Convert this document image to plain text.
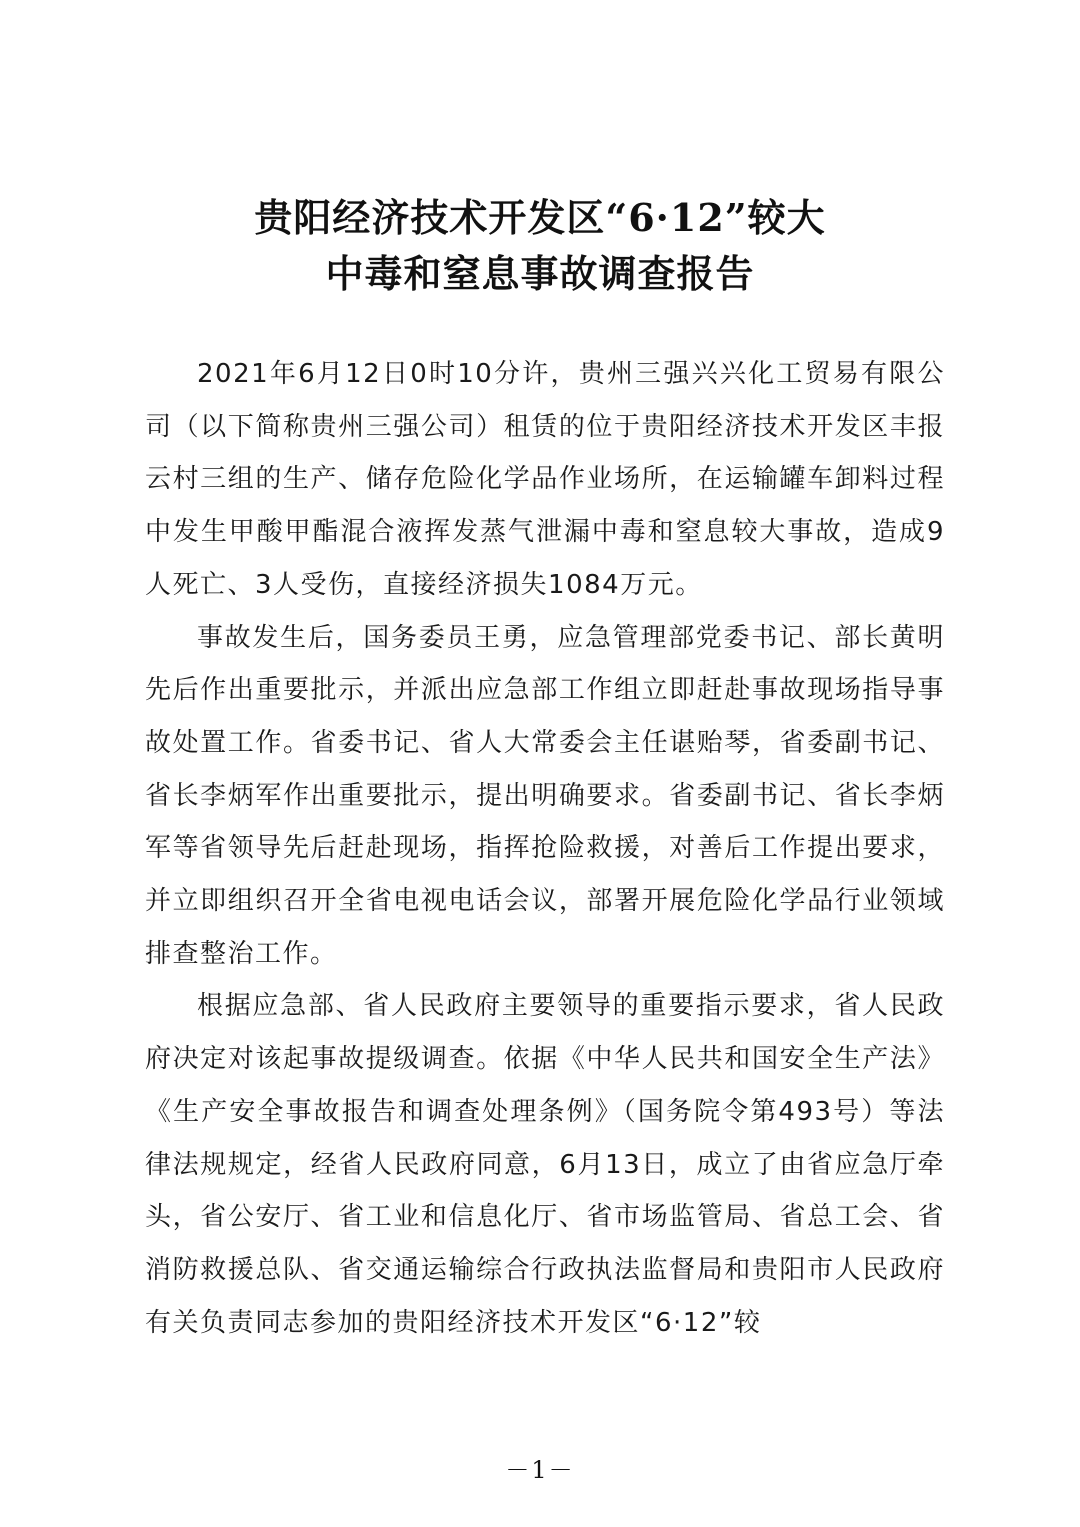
贵阳经济技术开发区“6·12”较大
中毒和窒息事故调查报告

2021年6月12日0时10分许，贵州三强兴兴化工贸易有限公司（以下简称贵州三强公司）租赁的位于贵阳经济技术开发区丰报云村三组的生产、储存危险化学品作业场所，在运输罐车卸料过程中发生甲酸甲酯混合液挥发蒸气泄漏中毒和窒息较大事故，造成9人死亡、3人受伤，直接经济损失1084万元。

事故发生后，国务委员王勇，应急管理部党委书记、部长黄明先后作出重要批示，并派出应急部工作组立即赶赴事故现场指导事故处置工作。省委书记、省人大常委会主任谌贻琴，省委副书记、省长李炳军作出重要批示，提出明确要求。省委副书记、省长李炳军等省领导先后赶赴现场，指挥抢险救援，对善后工作提出要求，并立即组织召开全省电视电话会议，部署开展危险化学品行业领域排查整治工作。

根据应急部、省人民政府主要领导的重要指示要求，省人民政府决定对该起事故提级调查。依据《中华人民共和国安全生产法》《生产安全事故报告和调查处理条例》（国务院令第493号）等法律法规规定，经省人民政府同意，6月13日，成立了由省应急厅牵头，省公安厅、省工业和信息化厅、省市场监管局、省总工会、省消防救援总队、省交通运输综合行政执法监督局和贵阳市人民政府有关负责同志参加的贵阳经济技术开发区“6·12”较

－1－
